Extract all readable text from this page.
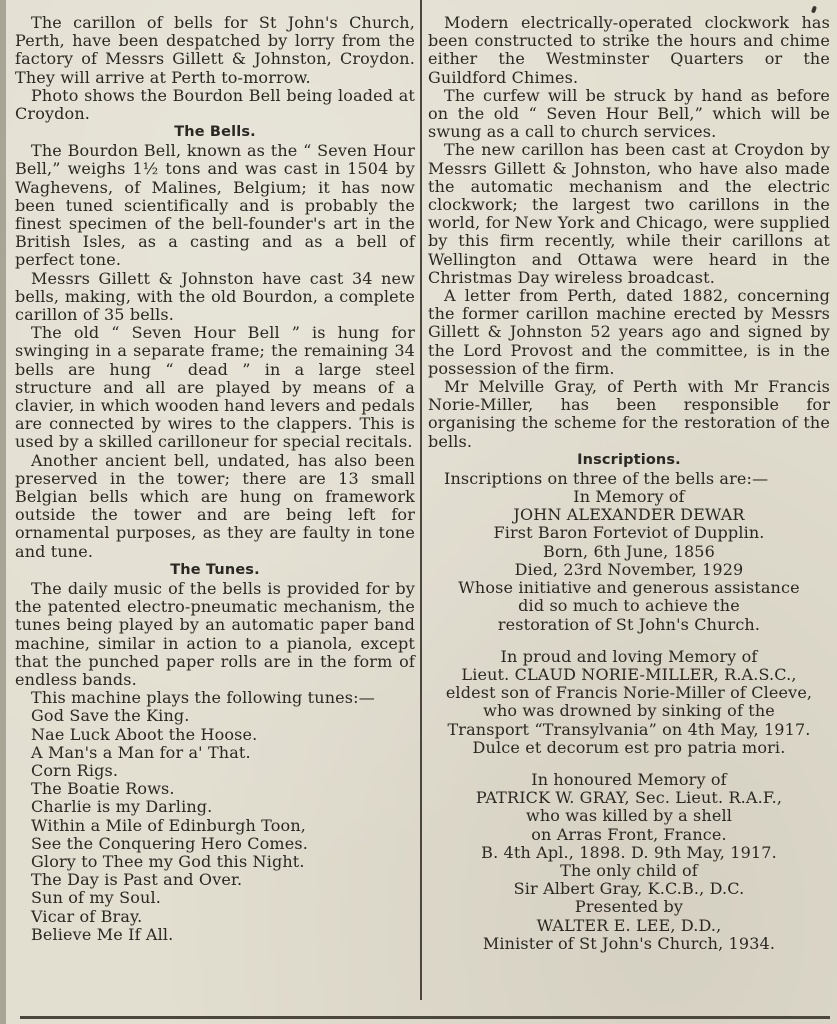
The carillon of bells for St John's Church, Perth, have been despatched by lorry from the factory of Messrs Gillett & Johnston, Croydon. They will arrive at Perth to-morrow.

Photo shows the Bourdon Bell being loaded at Croydon.

The Bells.

The Bourdon Bell, known as the “ Seven Hour Bell,” weighs 1½ tons and was cast in 1504 by Waghevens, of Malines, Belgium; it has now been tuned scientifically and is probably the finest specimen of the bell-founder's art in the British Isles, as a casting and as a bell of perfect tone.

Messrs Gillett & Johnston have cast 34 new bells, making, with the old Bourdon, a complete carillon of 35 bells.

The old “ Seven Hour Bell ” is hung for swinging in a separate frame; the remaining 34 bells are hung “ dead ” in a large steel structure and all are played by means of a clavier, in which wooden hand levers and pedals are connected by wires to the clappers. This is used by a skilled carilloneur for special recitals.

Another ancient bell, undated, has also been preserved in the tower; there are 13 small Belgian bells which are hung on framework outside the tower and are being left for ornamental purposes, as they are faulty in tone and tune.

The Tunes.

The daily music of the bells is provided for by the patented electro-pneumatic mechanism, the tunes being played by an automatic paper band machine, similar in action to a pianola, except that the punched paper rolls are in the form of endless bands.

This machine plays the following tunes:—

God Save the King.
Nae Luck Aboot the Hoose.
A Man's a Man for a' That.
Corn Rigs.
The Boatie Rows.
Charlie is my Darling.
Within a Mile of Edinburgh Toon,
See the Conquering Hero Comes.
Glory to Thee my God this Night.
The Day is Past and Over.
Sun of my Soul.
Vicar of Bray.
Believe Me If All.

Modern electrically-operated clockwork has been constructed to strike the hours and chime either the Westminster Quarters or the Guildford Chimes.

The curfew will be struck by hand as before on the old “ Seven Hour Bell,” which will be swung as a call to church services.

The new carillon has been cast at Croydon by Messrs Gillett & Johnston, who have also made the automatic mechanism and the electric clockwork; the largest two carillons in the world, for New York and Chicago, were supplied by this firm recently, while their carillons at Wellington and Ottawa were heard in the Christmas Day wireless broadcast.

A letter from Perth, dated 1882, concerning the former carillon machine erected by Messrs Gillett & Johnston 52 years ago and signed by the Lord Provost and the committee, is in the possession of the firm.

Mr Melville Gray, of Perth with Mr Francis Norie-Miller, has been responsible for organising the scheme for the restoration of the bells.

Inscriptions.

Inscriptions on three of the bells are:—

In Memory of
JOHN ALEXANDER DEWAR
First Baron Forteviot of Dupplin.
Born, 6th June, 1856
Died, 23rd November, 1929
Whose initiative and generous assistance
did so much to achieve the
restoration of St John's Church.
In proud and loving Memory of
Lieut. CLAUD NORIE-MILLER, R.A.S.C.,
eldest son of Francis Norie-Miller of Cleeve,
who was drowned by sinking of the
Transport “Transylvania” on 4th May, 1917.
Dulce et decorum est pro patria mori.
In honoured Memory of
PATRICK W. GRAY, Sec. Lieut. R.A.F.,
who was killed by a shell
on Arras Front, France.
B. 4th Apl., 1898. D. 9th May, 1917.
The only child of
Sir Albert Gray, K.C.B., D.C.
Presented by
WALTER E. LEE, D.D.,
Minister of St John's Church, 1934.
